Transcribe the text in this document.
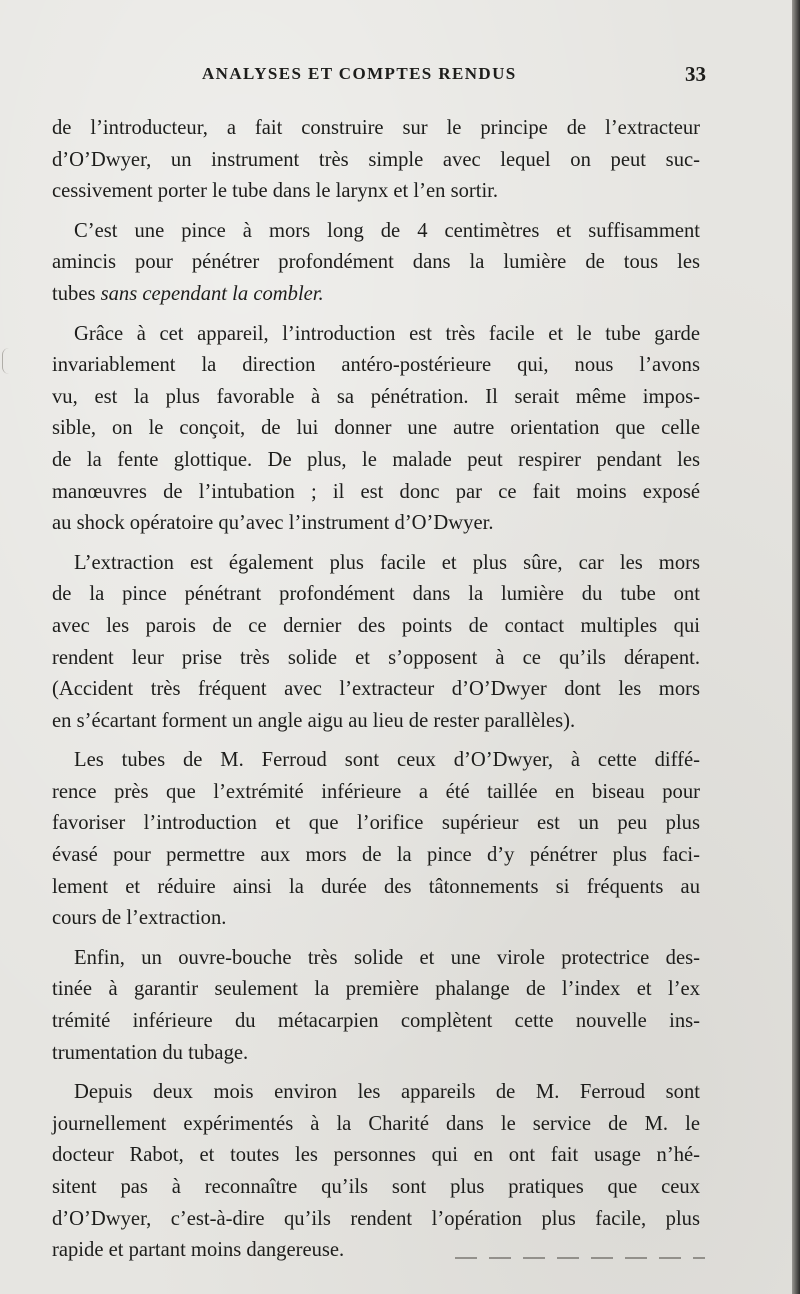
ANALYSES ET COMPTES RENDUS	33

de l’introducteur, a fait construire sur le principe de l’extracteur
d’O’Dwyer, un instrument très simple avec lequel on peut suc-
cessivement porter le tube dans le larynx et l’en sortir.

C’est une pince à mors long de 4 centimètres et suffisamment
amincis pour pénétrer profondément dans la lumière de tous les
tubes sans cependant la combler.

Grâce à cet appareil, l’introduction est très facile et le tube garde
invariablement la direction antéro-postérieure qui, nous l’avons
vu, est la plus favorable à sa pénétration. Il serait même impos-
sible, on le conçoit, de lui donner une autre orientation que celle
de la fente glottique. De plus, le malade peut respirer pendant les
manœuvres de l’intubation ; il est donc par ce fait moins exposé
au shock opératoire qu’avec l’instrument d’O’Dwyer.

L’extraction est également plus facile et plus sûre, car les mors
de la pince pénétrant profondément dans la lumière du tube ont
avec les parois de ce dernier des points de contact multiples qui
rendent leur prise très solide et s’opposent à ce qu’ils dérapent.
(Accident très fréquent avec l’extracteur d’O’Dwyer dont les mors
en s’écartant forment un angle aigu au lieu de rester parallèles).

Les tubes de M. Ferroud sont ceux d’O’Dwyer, à cette diffé-
rence près que l’extrémité inférieure a été taillée en biseau pour
favoriser l’introduction et que l’orifice supérieur est un peu plus
évasé pour permettre aux mors de la pince d’y pénétrer plus faci-
lement et réduire ainsi la durée des tâtonnements si fréquents au
cours de l’extraction.

Enfin, un ouvre-bouche très solide et une virole protectrice des-
tinée à garantir seulement la première phalange de l’index et l’ex
trémité inférieure du métacarpien complètent cette nouvelle ins-
trumentation du tubage.

Depuis deux mois environ les appareils de M. Ferroud sont
journellement expérimentés à la Charité dans le service de M. le
docteur Rabot, et toutes les personnes qui en ont fait usage n’hé-
sitent pas à reconnaître qu’ils sont plus pratiques que ceux
d’O’Dwyer, c’est-à-dire qu’ils rendent l’opération plus facile, plus
rapide et partant moins dangereuse.
